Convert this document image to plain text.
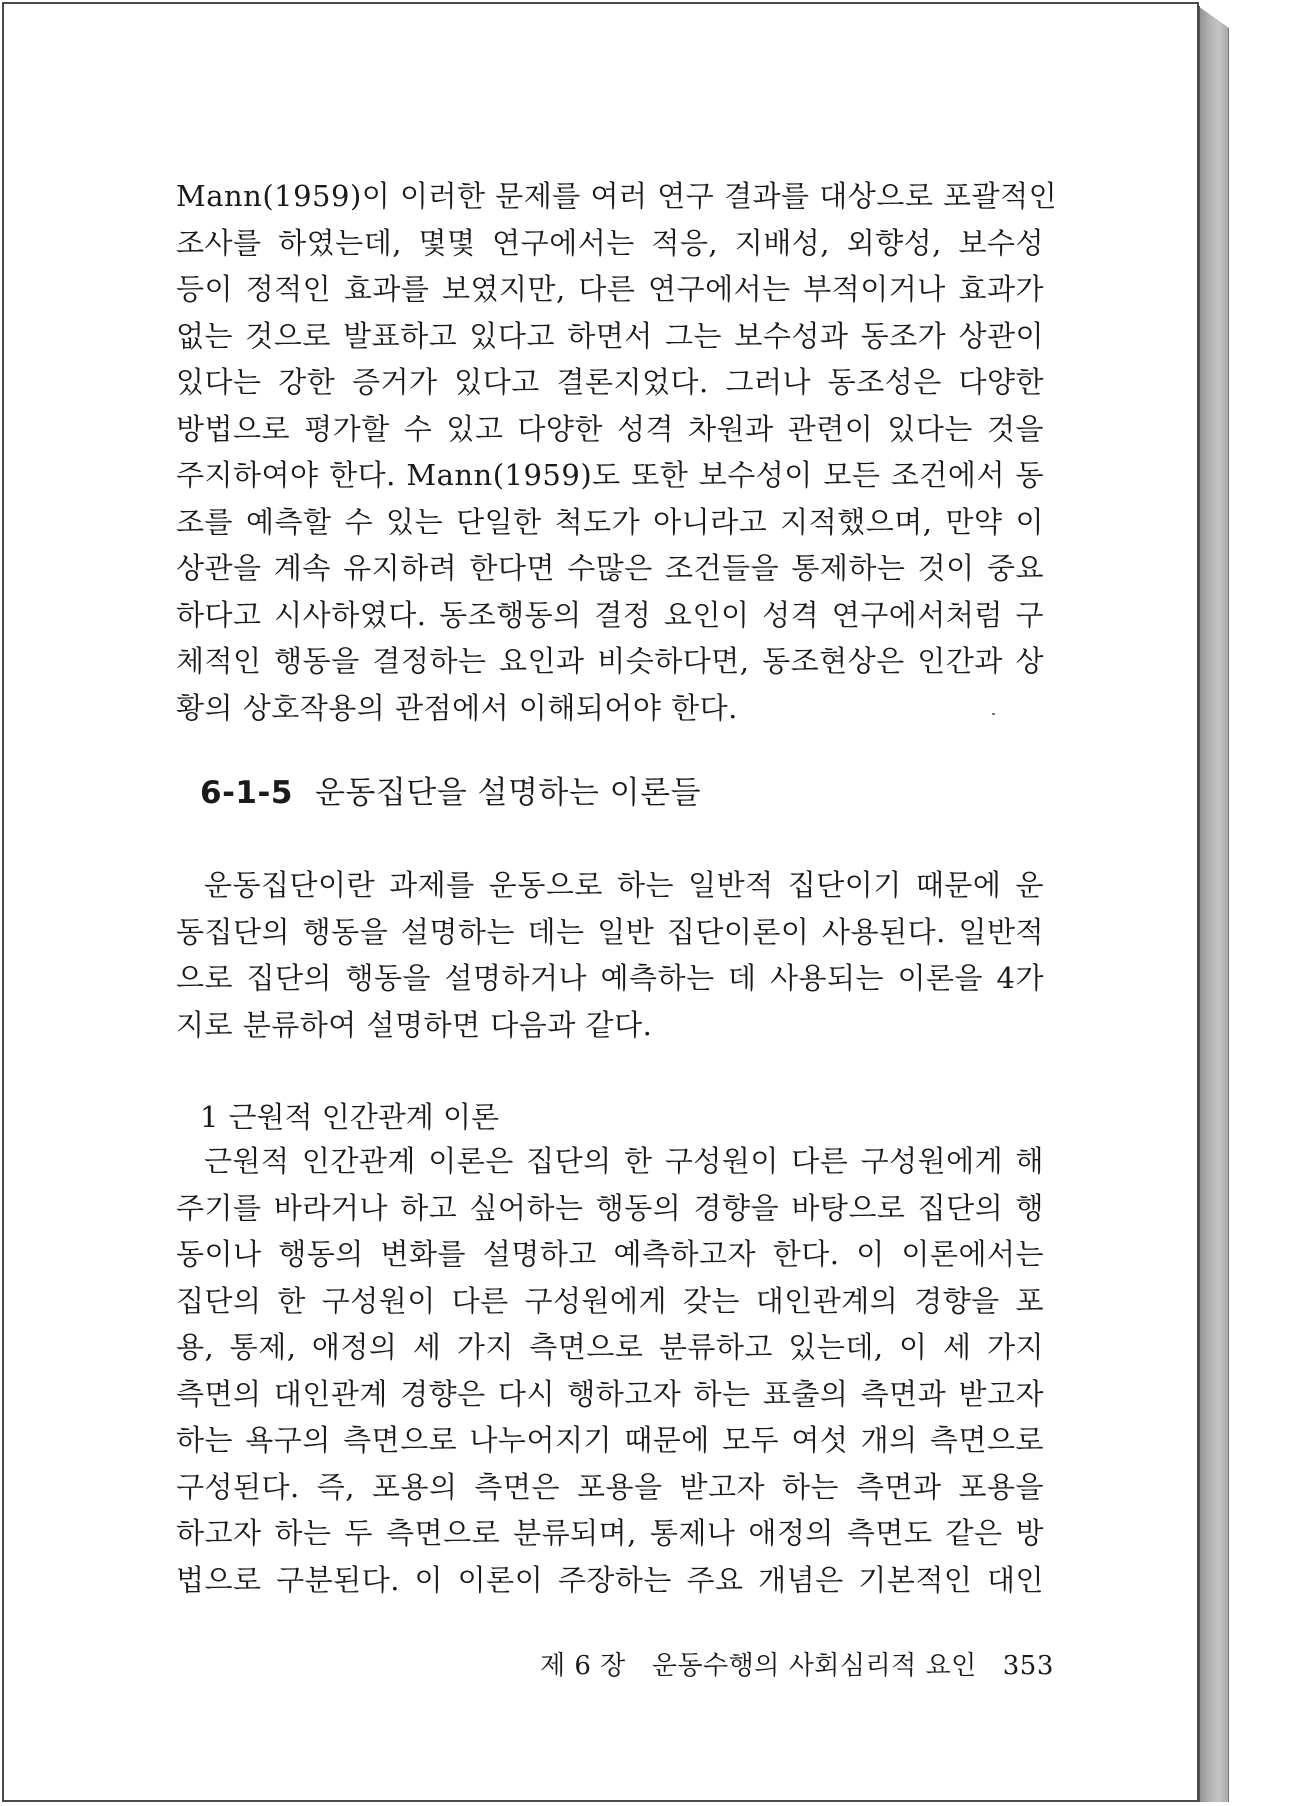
Mann(1959)이 이러한 문제를 여러 연구 결과를 대상으로 포괄적인
조사를 하였는데, 몇몇 연구에서는 적응, 지배성, 외향성, 보수성
등이 정적인 효과를 보였지만, 다른 연구에서는 부적이거나 효과가
없는 것으로 발표하고 있다고 하면서 그는 보수성과 동조가 상관이
있다는 강한 증거가 있다고 결론지었다. 그러나 동조성은 다양한
방법으로 평가할 수 있고 다양한 성격 차원과 관련이 있다는 것을
주지하여야 한다. Mann(1959)도 또한 보수성이 모든 조건에서 동
조를 예측할 수 있는 단일한 척도가 아니라고 지적했으며, 만약 이
상관을 계속 유지하려 한다면 수많은 조건들을 통제하는 것이 중요
하다고 시사하였다. 동조행동의 결정 요인이 성격 연구에서처럼 구
체적인 행동을 결정하는 요인과 비슷하다면, 동조현상은 인간과 상
황의 상호작용의 관점에서 이해되어야 한다.
6-1-5 운동집단을 설명하는 이론들
운동집단이란 과제를 운동으로 하는 일반적 집단이기 때문에 운
동집단의 행동을 설명하는 데는 일반 집단이론이 사용된다. 일반적
으로 집단의 행동을 설명하거나 예측하는 데 사용되는 이론을 4가
지로 분류하여 설명하면 다음과 같다.
1 근원적 인간관계 이론
근원적 인간관계 이론은 집단의 한 구성원이 다른 구성원에게 해
주기를 바라거나 하고 싶어하는 행동의 경향을 바탕으로 집단의 행
동이나 행동의 변화를 설명하고 예측하고자 한다. 이 이론에서는
집단의 한 구성원이 다른 구성원에게 갖는 대인관계의 경향을 포
용, 통제, 애정의 세 가지 측면으로 분류하고 있는데, 이 세 가지
측면의 대인관계 경향은 다시 행하고자 하는 표출의 측면과 받고자
하는 욕구의 측면으로 나누어지기 때문에 모두 여섯 개의 측면으로
구성된다. 즉, 포용의 측면은 포용을 받고자 하는 측면과 포용을
하고자 하는 두 측면으로 분류되며, 통제나 애정의 측면도 같은 방
법으로 구분된다. 이 이론이 주장하는 주요 개념은 기본적인 대인
제 6 장 운동수행의 사회심리적 요인 353
